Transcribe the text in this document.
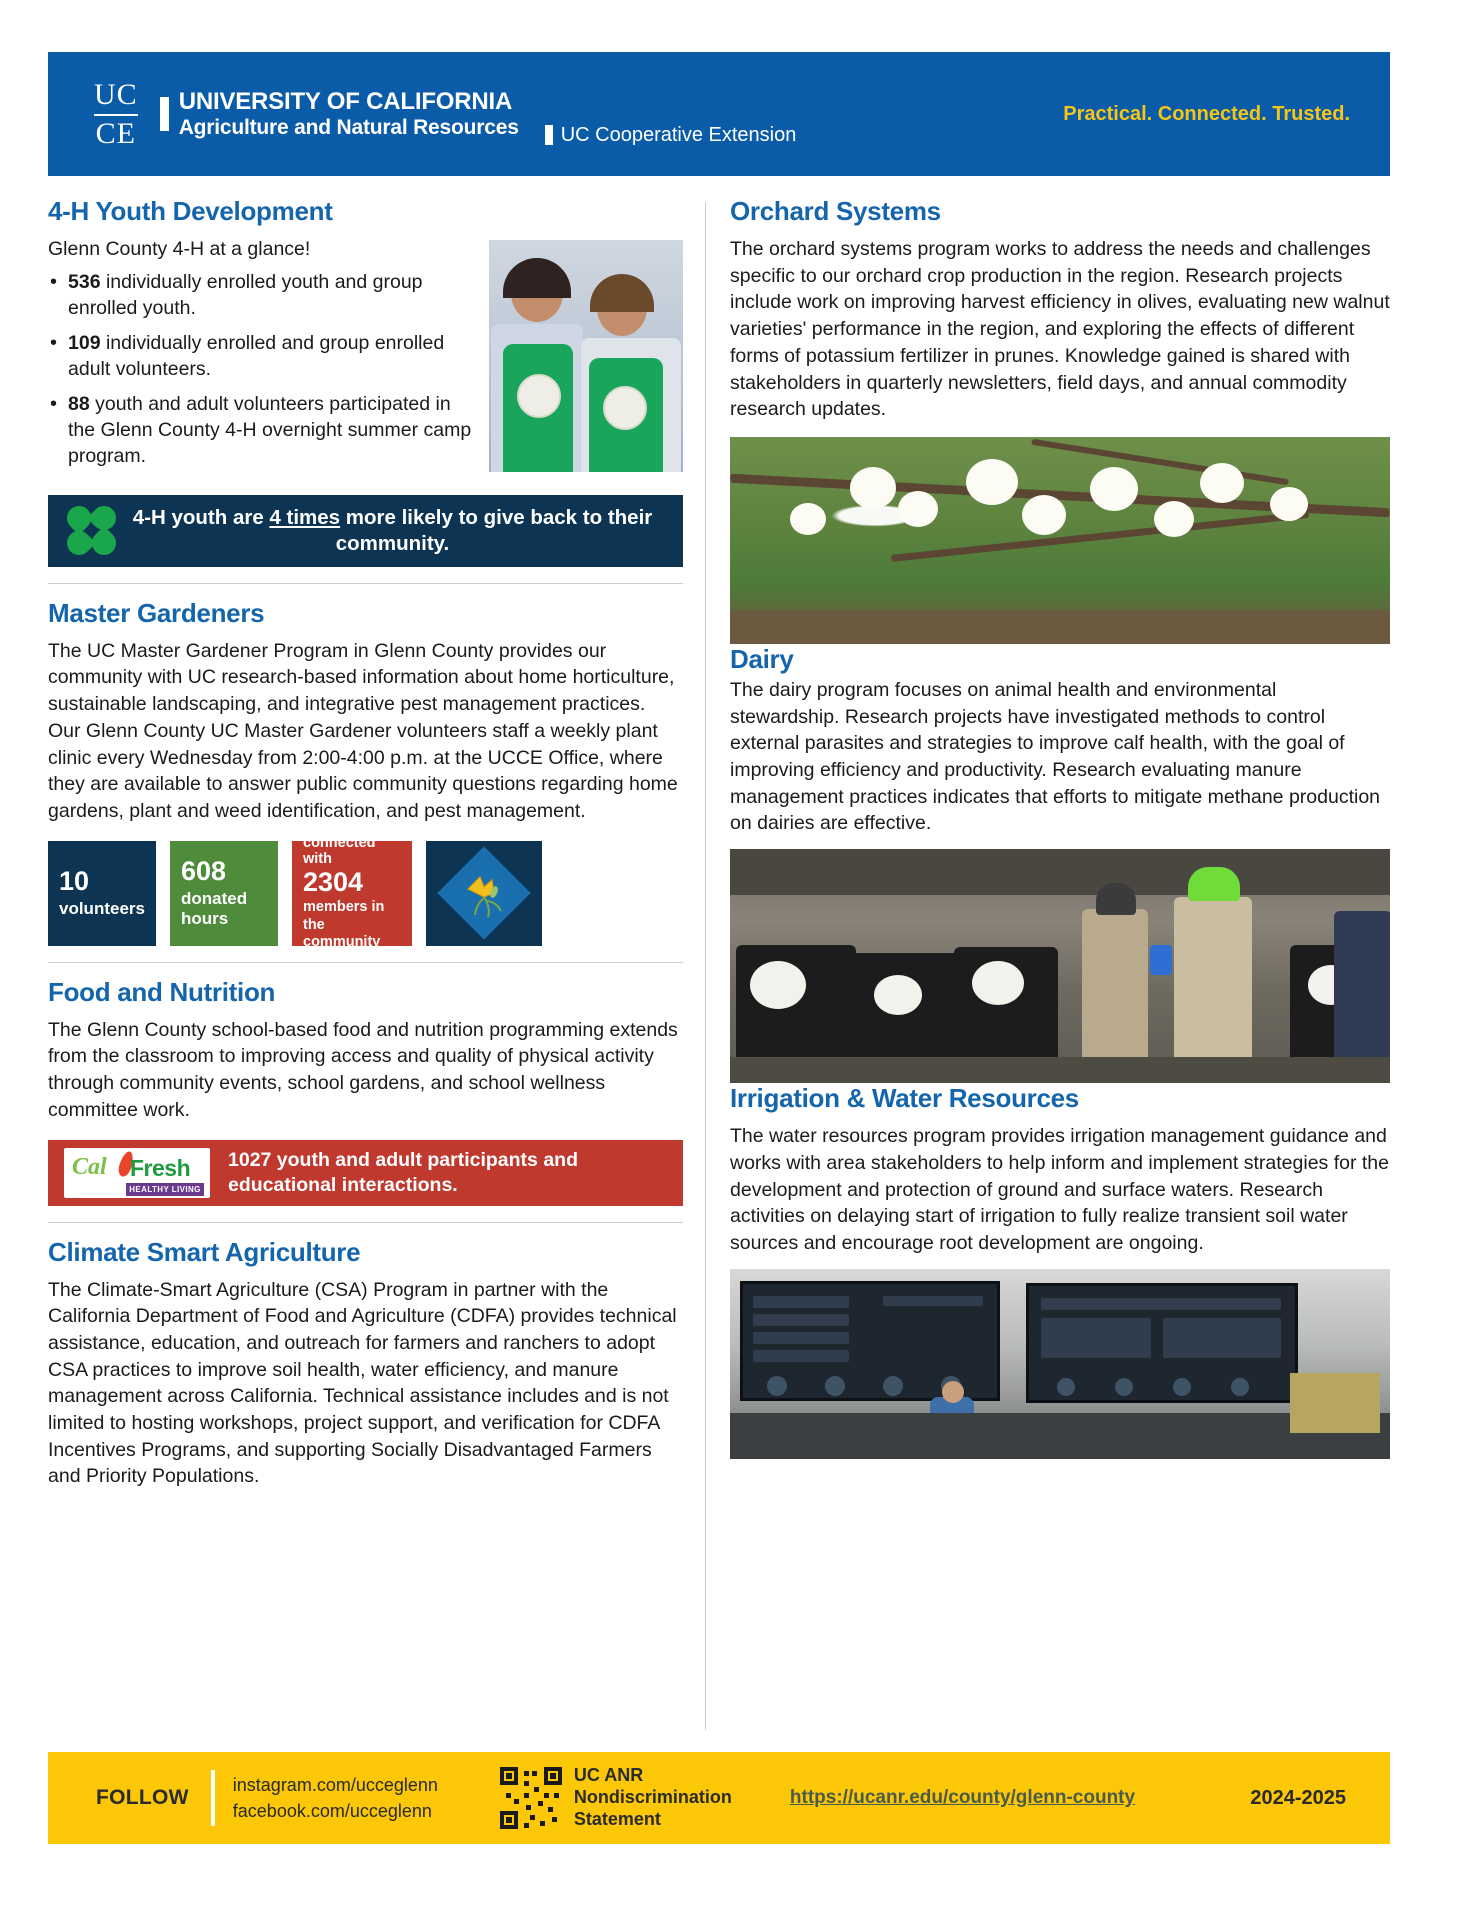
UC
CE
UNIVERSITY OF CALIFORNIA
Agriculture and Natural Resources UC Cooperative Extension
Practical. Connected. Trusted.
4-H Youth Development
Glenn County 4-H at a glance!
• 536 individually enrolled youth and group enrolled youth.
• 109 individually enrolled and group enrolled adult volunteers.
• 88 youth and adult volunteers participated in the Glenn County 4-H overnight summer camp program.
4-H youth are 4 times more likely to give back to their community.
Master Gardeners

The UC Master Gardener Program in Glenn County provides our community with UC research-based information about home horticulture, sustainable landscaping, and integrative pest management practices. Our Glenn County UC Master Gardener volunteers staff a weekly plant clinic every Wednesday from 2:00-4:00 p.m. at the UCCE Office, where they are available to answer public community questions regarding home gardens, plant and weed identification, and pest management.

10
volunteers
608
donated hours
connected with
2304
members in the community
Food and Nutrition

The Glenn County school-based food and nutrition programming extends from the classroom to improving access and quality of physical activity through community events, school gardens, and school wellness committee work.

Cal Fresh
HEALTHY LIVING
1027 youth and adult participants and educational interactions.
Climate Smart Agriculture

The Climate-Smart Agriculture (CSA) Program in partner with the California Department of Food and Agriculture (CDFA) provides technical assistance, education, and outreach for farmers and ranchers to adopt CSA practices to improve soil health, water efficiency, and manure management across California. Technical assistance includes and is not limited to hosting workshops, project support, and verification for CDFA Incentives Programs, and supporting Socially Disadvantaged Farmers and Priority Populations.

Orchard Systems

The orchard systems program works to address the needs and challenges specific to our orchard crop production in the region. Research projects include work on improving harvest efficiency in olives, evaluating new walnut varieties' performance in the region, and exploring the effects of different forms of potassium fertilizer in prunes. Knowledge gained is shared with stakeholders in quarterly newsletters, field days, and annual commodity research updates.

Dairy

The dairy program focuses on animal health and environmental stewardship. Research projects have investigated methods to control external parasites and strategies to improve calf health, with the goal of improving efficiency and productivity. Research evaluating manure management practices indicates that efforts to mitigate methane production on dairies are effective.

Irrigation & Water Resources

The water resources program provides irrigation management guidance and works with area stakeholders to help inform and implement strategies for the development and protection of ground and surface waters. Research activities on delaying start of irrigation to fully realize transient soil water sources and encourage root development are ongoing.

FOLLOW
instagram.com/ucceglenn
facebook.com/ucceglenn
UC ANR
Nondiscrimination
Statement
https://ucanr.edu/county/glenn-county	2024-2025
